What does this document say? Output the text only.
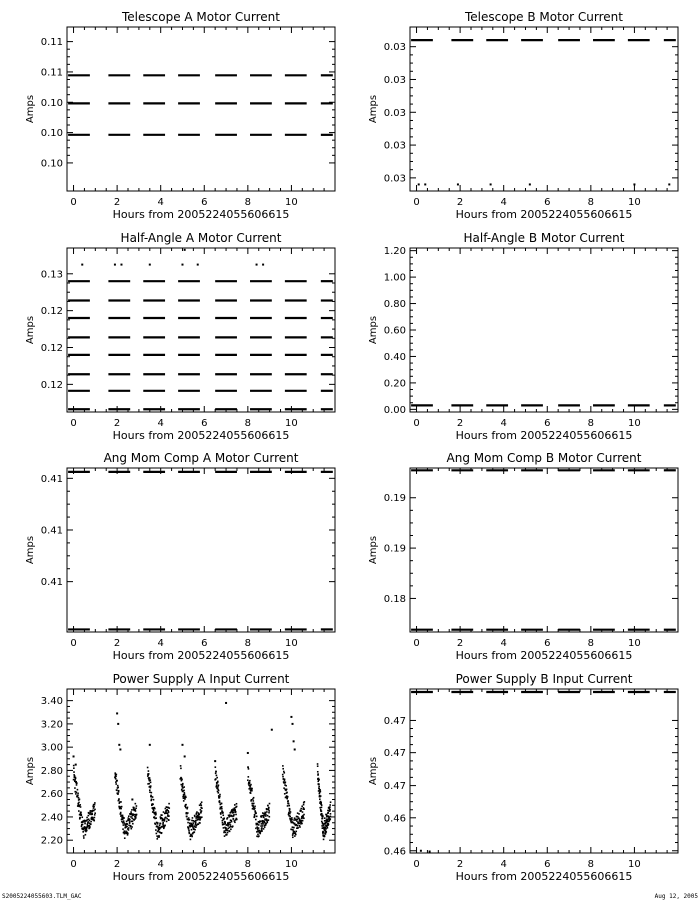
Telescope A Motor Current
Hours from 2005224055606615
Amps
0	2	4	6	8	10
0.10
0.10
0.10
0.11
0.11
Telescope B Motor Current
Hours from 2005224055606615
Amps
0	2	4	6	8	10
0.03
0.03
0.03
0.03
0.03
Half-Angle A Motor Current
Hours from 2005224055606615
Amps
0	2	4	6	8	10
0.12
0.12
0.12
0.13
Half-Angle B Motor Current
Hours from 2005224055606615
Amps
0	2	4	6	8	10
0.00
0.20
0.40
0.60
0.80
1.00
1.20
Ang Mom Comp A Motor Current
Hours from 2005224055606615
Amps
0	2	4	6	8	10
0.41
0.41
0.41
Ang Mom Comp B Motor Current
Hours from 2005224055606615
Amps
0	2	4	6	8	10
0.18
0.19
0.19
Power Supply A Input Current
Hours from 2005224055606615
Amps
0	2	4	6	8	10
2.20
2.40
2.60
2.80
3.00
3.20
3.40
Power Supply B Input Current
Hours from 2005224055606615
Amps
0	2	4	6	8	10
0.46
0.46
0.47
0.47
0.47
S2005224055603.TLM_GAC	Aug 12, 2005
